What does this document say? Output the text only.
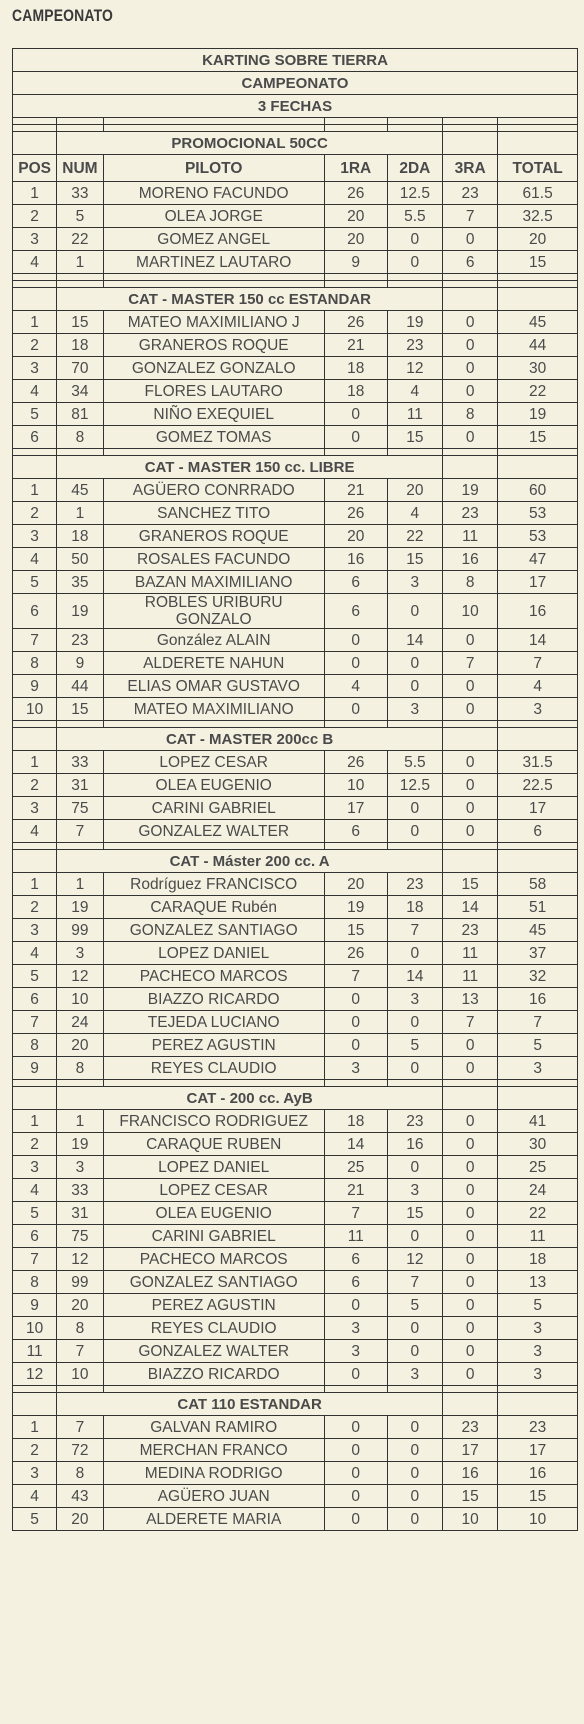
CAMPEONATO
KARTING SOBRE TIERRA						
CAMPEONATO						
3 FECHAS						

	PROMOCIONAL 50CC					
POS	NUM	PILOTO	1RA	2DA	3RA	TOTAL
1	33	MORENO FACUNDO	26	12.5	23	61.5
2	5	OLEA JORGE	20	5.5	7	32.5
3	22	GOMEZ ANGEL	20	0	0	20
4	1	MARTINEZ LAUTARO	9	0	6	15

	CAT - MASTER 150 cc ESTANDAR					
1	15	MATEO MAXIMILIANO J	26	19	0	45
2	18	GRANEROS ROQUE	21	23	0	44
3	70	GONZALEZ GONZALO	18	12	0	30
4	34	FLORES LAUTARO	18	4	0	22
5	81	NIÑO EXEQUIEL	0	11	8	19
6	8	GOMEZ TOMAS	0	15	0	15

	CAT - MASTER 150 cc. LIBRE					
1	45	AGÜERO CONRRADO	21	20	19	60
2	1	SANCHEZ TITO	26	4	23	53
3	18	GRANEROS ROQUE	20	22	11	53
4	50	ROSALES FACUNDO	16	15	16	47
5	35	BAZAN MAXIMILIANO	6	3	8	17
6	19	ROBLES URIBURU GONZALO	6	0	10	16
7	23	González ALAIN	0	14	0	14
8	9	ALDERETE NAHUN	0	0	7	7
9	44	ELIAS OMAR GUSTAVO	4	0	0	4
10	15	MATEO MAXIMILIANO	0	3	0	3

	CAT - MASTER 200cc B					
1	33	LOPEZ CESAR	26	5.5	0	31.5
2	31	OLEA EUGENIO	10	12.5	0	22.5
3	75	CARINI GABRIEL	17	0	0	17
4	7	GONZALEZ WALTER	6	0	0	6

	CAT - Máster 200 cc. A					
1	1	Rodríguez FRANCISCO	20	23	15	58
2	19	CARAQUE Rubén	19	18	14	51
3	99	GONZALEZ SANTIAGO	15	7	23	45
4	3	LOPEZ DANIEL	26	0	11	37
5	12	PACHECO MARCOS	7	14	11	32
6	10	BIAZZO RICARDO	0	3	13	16
7	24	TEJEDA LUCIANO	0	0	7	7
8	20	PEREZ AGUSTIN	0	5	0	5
9	8	REYES CLAUDIO	3	0	0	3

	CAT - 200 cc. AyB					
1	1	FRANCISCO RODRIGUEZ	18	23	0	41
2	19	CARAQUE RUBEN	14	16	0	30
3	3	LOPEZ DANIEL	25	0	0	25
4	33	LOPEZ CESAR	21	3	0	24
5	31	OLEA EUGENIO	7	15	0	22
6	75	CARINI GABRIEL	11	0	0	11
7	12	PACHECO MARCOS	6	12	0	18
8	99	GONZALEZ SANTIAGO	6	7	0	13
9	20	PEREZ AGUSTIN	0	5	0	5
10	8	REYES CLAUDIO	3	0	0	3
11	7	GONZALEZ WALTER	3	0	0	3
12	10	BIAZZO RICARDO	0	3	0	3

	CAT 110 ESTANDAR					
1	7	GALVAN RAMIRO	0	0	23	23
2	72	MERCHAN FRANCO	0	0	17	17
3	8	MEDINA RODRIGO	0	0	16	16
4	43	AGÜERO JUAN	0	0	15	15
5	20	ALDERETE MARIA	0	0	10	10
